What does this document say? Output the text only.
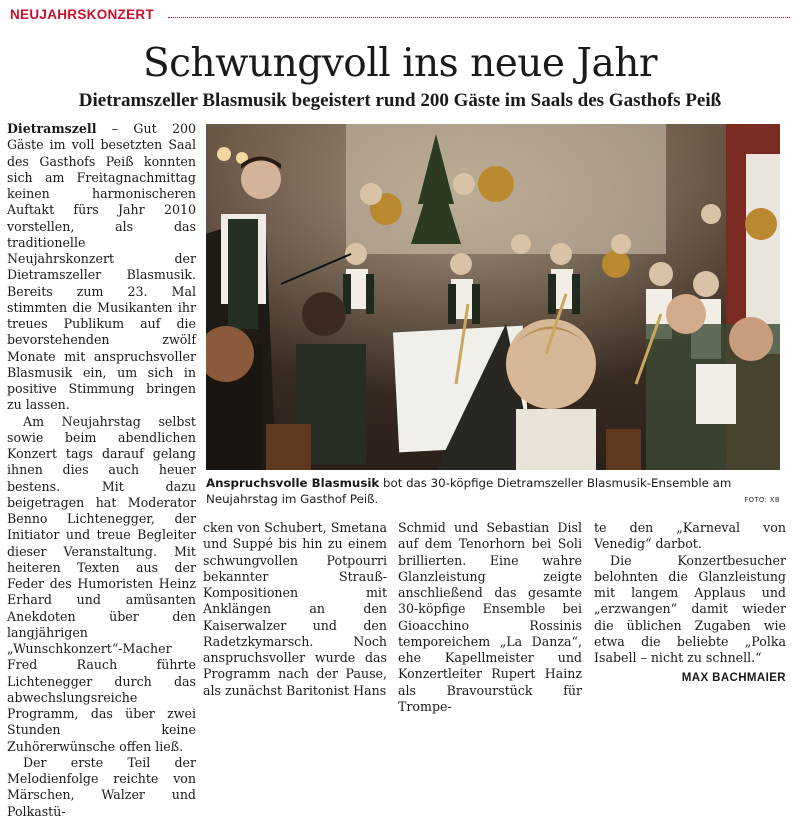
NEUJAHRSKONZERT
Schwungvoll ins neue Jahr
Dietramszeller Blasmusik begeistert rund 200 Gäste im Saals des Gasthofs Peiß

Dietramszell – Gut 200 Gäste im voll besetzten Saal des Gasthofs Peiß konnten sich am Freitagnachmittag keinen harmonischeren Auftakt fürs Jahr 2010 vorstellen, als das traditionelle Neujahrskonzert der Dietramszeller Blasmusik. Bereits zum 23. Mal stimmten die Musikanten ihr treues Publikum auf die bevorstehenden zwölf Monate mit anspruchsvoller Blasmusik ein, um sich in positive Stimmung bringen zu lassen.

Am Neujahrstag selbst sowie beim abendlichen Konzert tags darauf gelang ihnen dies auch heuer bestens. Mit dazu beigetragen hat Moderator Benno Lichtenegger, der Initiator und treue Begleiter dieser Veranstaltung. Mit heiteren Texten aus der Feder des Humoristen Heinz Erhard und amüsanten Anekdoten über den langjährigen „Wunschkonzert“-Macher Fred Rauch führte Lichtenegger durch das abwechslungsreiche Programm, das über zwei Stunden keine Zuhörerwünsche offen ließ.

Der erste Teil der Melodienfolge reichte von Märschen, Walzer und Polkastü-

cken von Schubert, Smetana und Suppé bis hin zu einem schwungvollen Potpourri bekannter Strauß-Kompositionen mit Anklängen an den Kaiserwalzer und den Radetzkymarsch. Noch anspruchsvoller wurde das Programm nach der Pause, als zunächst Baritonist Hans

Schmid und Sebastian Disl auf dem Tenorhorn bei Soli brillierten. Eine wahre Glanzleistung zeigte anschließend das gesamte 30-köpfige Ensemble bei Gioacchino Rossinis temporeichem „La Danza“, ehe Kapellmeister und Konzertleiter Rupert Hainz als Bravourstück für Trompe-

te den „Karneval von Venedig“ darbot.

Die Konzertbesucher belohnten die Glanzleistung mit langem Applaus und „erzwangen“ damit wieder die üblichen Zugaben wie etwa die beliebte „Polka Isabell – nicht zu schnell.“

MAX BACHMAIER
Anspruchsvolle Blasmusik bot das 30-köpfige Dietramszeller Blasmusik-Ensemble am Neujahrstag im Gasthof Peiß.	FOTO: XB
